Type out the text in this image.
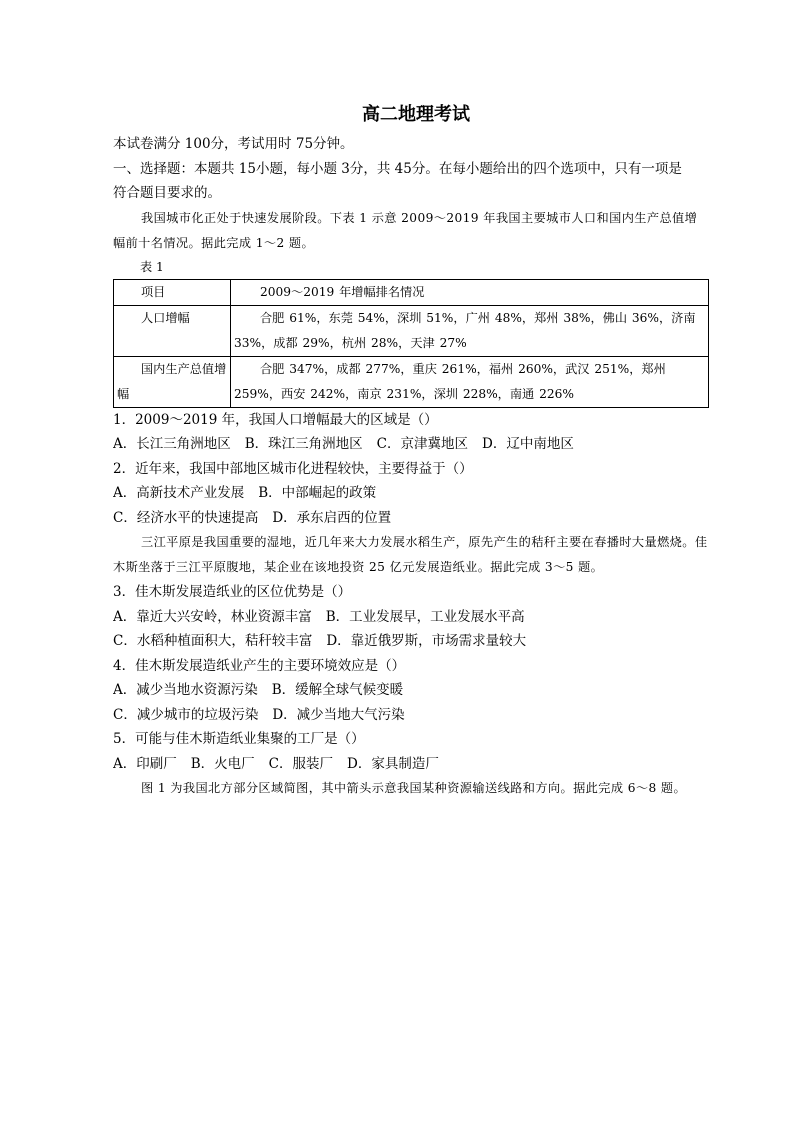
高二地理考试
本试卷满分 100分，考试用时 75分钟。
一、选择题：本题共 15小题，每小题 3分，共 45分。在每小题给出的四个选项中，只有一项是
符合题目要求的。
我国城市化正处于快速发展阶段。下表 1 示意 2009～2019 年我国主要城市人口和国内生产总值增幅前十名情况。据此完成 1～2 题。
表 1
项目	2009～2019 年增幅排名情况
人口增幅	合肥 61%，东莞 54%，深圳 51%，广州 48%，郑州 38%，佛山 36%，济南 33%，成都 29%，杭州 28%，天津 27%
国内生产总值增幅	合肥 347%，成都 277%，重庆 261%，福州 260%，武汉 251%，郑州 259%，西安 242%，南京 231%，深圳 228%，南通 226%
1．2009～2019 年，我国人口增幅最大的区域是（）
A．长江三角洲地区 B．珠江三角洲地区 C．京津冀地区 D．辽中南地区
2．近年来，我国中部地区城市化进程较快，主要得益于（）
A．高新技术产业发展 B．中部崛起的政策
C．经济水平的快速提高 D．承东启西的位置
三江平原是我国重要的湿地，近几年来大力发展水稻生产，原先产生的秸秆主要在春播时大量燃烧。佳木斯坐落于三江平原腹地，某企业在该地投资 25 亿元发展造纸业。据此完成 3～5 题。
3．佳木斯发展造纸业的区位优势是（）
A．靠近大兴安岭，林业资源丰富 B．工业发展早，工业发展水平高
C．水稻种植面积大，秸秆较丰富 D．靠近俄罗斯，市场需求量较大
4．佳木斯发展造纸业产生的主要环境效应是（）
A．减少当地水资源污染 B．缓解全球气候变暖
C．减少城市的垃圾污染 D．减少当地大气污染
5．可能与佳木斯造纸业集聚的工厂是（）
A．印刷厂 B．火电厂 C．服装厂 D．家具制造厂
图 1 为我国北方部分区域简图，其中箭头示意我国某种资源输送线路和方向。据此完成 6～8 题。
